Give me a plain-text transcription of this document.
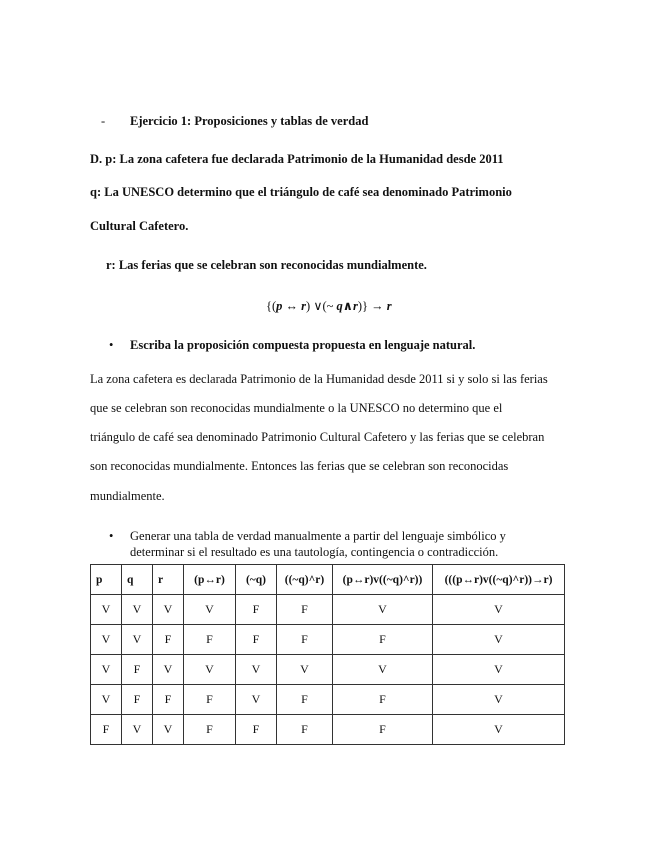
- Ejercicio 1: Proposiciones y tablas de verdad
D. p: La zona cafetera fue declarada Patrimonio de la Humanidad desde 2011
q: La UNESCO determino que el triángulo de café sea denominado Patrimonio
Cultural Cafetero.
r: Las ferias que se celebran son reconocidas mundialmente.
{(p ↔ r) ∨(~ q∧r)} → r
• Escriba la proposición compuesta propuesta en lenguaje natural.
La zona cafetera es declarada Patrimonio de la Humanidad desde 2011 si y solo si las ferias
que se celebran son reconocidas mundialmente o la UNESCO no determino que el
triángulo de café sea denominado Patrimonio Cultural Cafetero y las ferias que se celebran
son reconocidas mundialmente. Entonces las ferias que se celebran son reconocidas
mundialmente.
• Generar una tabla de verdad manualmente a partir del lenguaje simbólico y determinar si el resultado es una tautología, contingencia o contradicción.
p	q	r	(p↔r)	(~q)	((~q)^r)	(p↔r)v((~q)^r))	(((p↔r)v((~q)^r))→r)
V	V	V	V	F	F	V	V
V	V	F	F	F	F	F	V
V	F	V	V	V	V	V	V
V	F	F	F	V	F	F	V
F	V	V	F	F	F	F	V
